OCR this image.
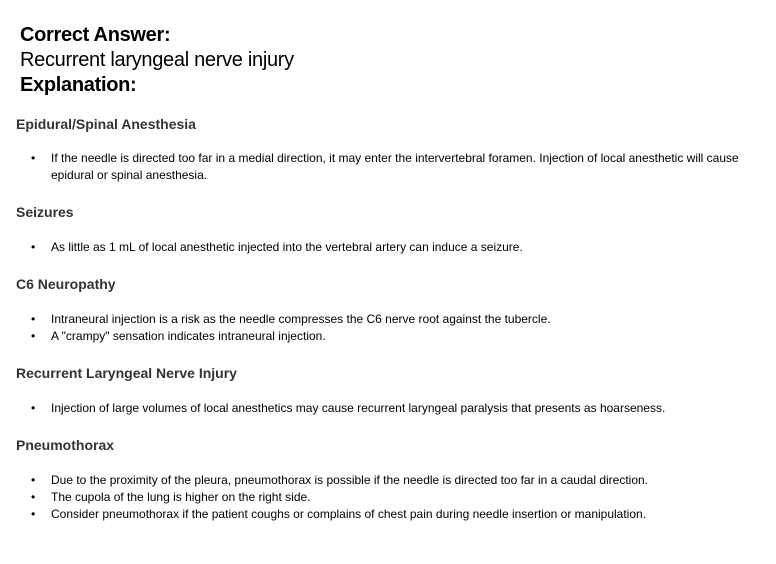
Correct Answer:
Recurrent laryngeal nerve injury
Explanation:
Epidural/Spinal Anesthesia
• If the needle is directed too far in a medial direction, it may enter the intervertebral foramen. Injection of local anesthetic will cause epidural or spinal anesthesia.
Seizures
• As little as 1 mL of local anesthetic injected into the vertebral artery can induce a seizure.
C6 Neuropathy
• Intraneural injection is a risk as the needle compresses the C6 nerve root against the tubercle.
• A "crampy" sensation indicates intraneural injection.
Recurrent Laryngeal Nerve Injury
• Injection of large volumes of local anesthetics may cause recurrent laryngeal paralysis that presents as hoarseness.
Pneumothorax
• Due to the proximity of the pleura, pneumothorax is possible if the needle is directed too far in a caudal direction.
• The cupola of the lung is higher on the right side.
• Consider pneumothorax if the patient coughs or complains of chest pain during needle insertion or manipulation.
